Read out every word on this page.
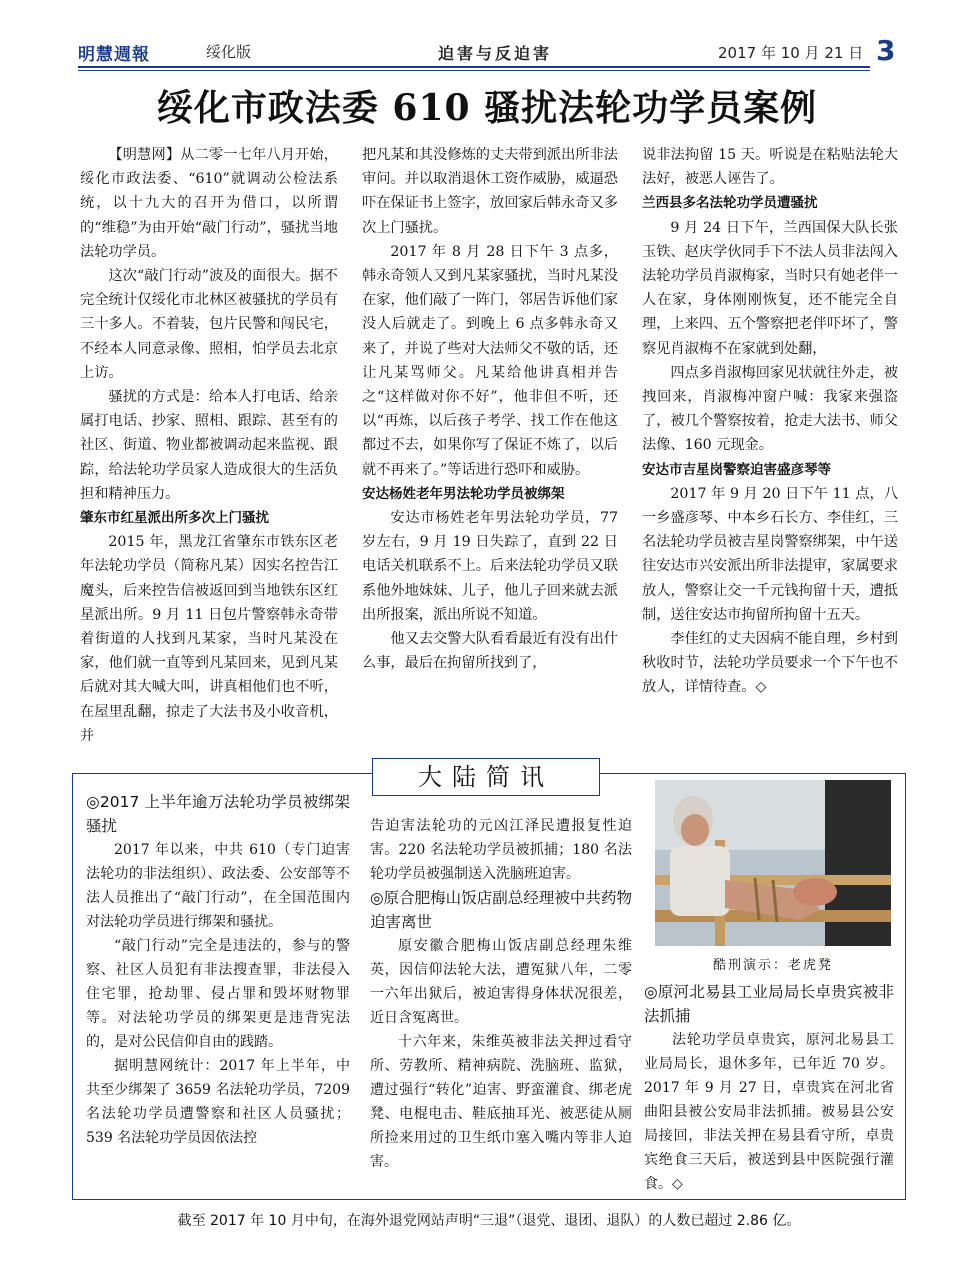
明慧週報	绥化版	迫害与反迫害	2017 年 10 月 21 日 3
绥化市政法委 610 骚扰法轮功学员案例

【明慧网】从二零一七年八月开始，绥化市政法委、“610”就调动公检法系统，以十九大的召开为借口，以所谓的“维稳”为由开始“敲门行动”，骚扰当地法轮功学员。

这次“敲门行动”波及的面很大。据不完全统计仅绥化市北林区被骚扰的学员有三十多人。不着装，包片民警和闯民宅，不经本人同意录像、照相，怕学员去北京上访。

骚扰的方式是：给本人打电话、给亲属打电话、抄家、照相、跟踪、甚至有的社区、街道、物业都被调动起来监视、跟踪，给法轮功学员家人造成很大的生活负担和精神压力。

肇东市红星派出所多次上门骚扰

2015 年，黑龙江省肇东市铁东区老年法轮功学员（简称凡某）因实名控告江魔头，后来控告信被返回到当地铁东区红星派出所。9 月 11 日包片警察韩永奇带着街道的人找到凡某家，当时凡某没在家，他们就一直等到凡某回来，见到凡某后就对其大喊大叫，讲真相他们也不听，在屋里乱翻，掠走了大法书及小收音机，并

把凡某和其没修炼的丈夫带到派出所非法审问。并以取消退休工资作威胁，威逼恐吓在保证书上签字，放回家后韩永奇又多次上门骚扰。

2017 年 8 月 28 日下午 3 点多，韩永奇领人又到凡某家骚扰，当时凡某没在家，他们敲了一阵门，邻居告诉他们家没人后就走了。到晚上 6 点多韩永奇又来了，并说了些对大法师父不敬的话，还让凡某骂师父。凡某给他讲真相并告之“这样做对你不好”，他非但不听，还以“再炼，以后孩子考学、找工作在他这都过不去，如果你写了保证不炼了，以后就不再来了。”等话进行恐吓和威胁。

安达杨姓老年男法轮功学员被绑架

安达市杨姓老年男法轮功学员，77 岁左右，9 月 19 日失踪了，直到 22 日电话关机联系不上。后来法轮功学员又联系他外地妹妹、儿子，他儿子回来就去派出所报案，派出所说不知道。

他又去交警大队看看最近有没有出什么事，最后在拘留所找到了，

说非法拘留 15 天。听说是在粘贴法轮大法好，被恶人诬告了。

兰西县多名法轮功学员遭骚扰

9 月 24 日下午，兰西国保大队长张玉铁、赵庆学伙同手下不法人员非法闯入法轮功学员肖淑梅家，当时只有她老伴一人在家，身体刚刚恢复，还不能完全自理，上来四、五个警察把老伴吓坏了，警察见肖淑梅不在家就到处翻，

四点多肖淑梅回家见状就往外走，被拽回来，肖淑梅冲窗户喊：我家来强盗了，被几个警察按着，抢走大法书、师父法像、160 元现金。

安达市吉星岗警察迫害盛彦琴等

2017 年 9 月 20 日下午 11 点，八一乡盛彦琴、中本乡石长方、李佳红，三名法轮功学员被吉星岗警察绑架，中午送往安达市兴安派出所非法提审，家属要求放人，警察让交一千元钱拘留十天，遭抵制，送往安达市拘留所拘留十五天。

李佳红的丈夫因病不能自理，乡村到秋收时节，法轮功学员要求一个下午也不放人，详情待查。◇

大陆简讯

◎2017 上半年逾万法轮功学员被绑架骚扰

2017 年以来，中共 610（专门迫害法轮功的非法组织）、政法委、公安部等不法人员推出了“敲门行动”，在全国范围内对法轮功学员进行绑架和骚扰。

“敲门行动”完全是违法的，参与的警察、社区人员犯有非法搜查罪，非法侵入住宅罪，抢劫罪、侵占罪和毁坏财物罪等。对法轮功学员的绑架更是违背宪法的，是对公民信仰自由的践踏。

据明慧网统计：2017 年上半年，中共至少绑架了 3659 名法轮功学员，7209 名法轮功学员遭警察和社区人员骚扰；539 名法轮功学员因依法控

告迫害法轮功的元凶江泽民遭报复性迫害。220 名法轮功学员被抓捕；180 名法轮功学员被强制送入洗脑班迫害。

◎原合肥梅山饭店副总经理被中共药物迫害离世

原安徽合肥梅山饭店副总经理朱维英，因信仰法轮大法，遭冤狱八年，二零一六年出狱后，被迫害得身体状况很差，近日含冤离世。

十六年来，朱维英被非法关押过看守所、劳教所、精神病院、洗脑班、监狱，遭过强行“转化”迫害、野蛮灌食、绑老虎凳、电棍电击、鞋底抽耳光、被恶徒从厕所捡来用过的卫生纸巾塞入嘴内等非人迫害。

酷刑演示：老虎凳

◎原河北易县工业局局长卓贵宾被非法抓捕

法轮功学员卓贵宾，原河北易县工业局局长，退休多年，已年近 70 岁。2017 年 9 月 27 日，卓贵宾在河北省曲阳县被公安局非法抓捕。被易县公安局接回，非法关押在易县看守所，卓贵宾绝食三天后，被送到县中医院强行灌食。◇

截至 2017 年 10 月中旬，在海外退党网站声明“三退”（退党、退团、退队）的人数已超过 2.86 亿。
